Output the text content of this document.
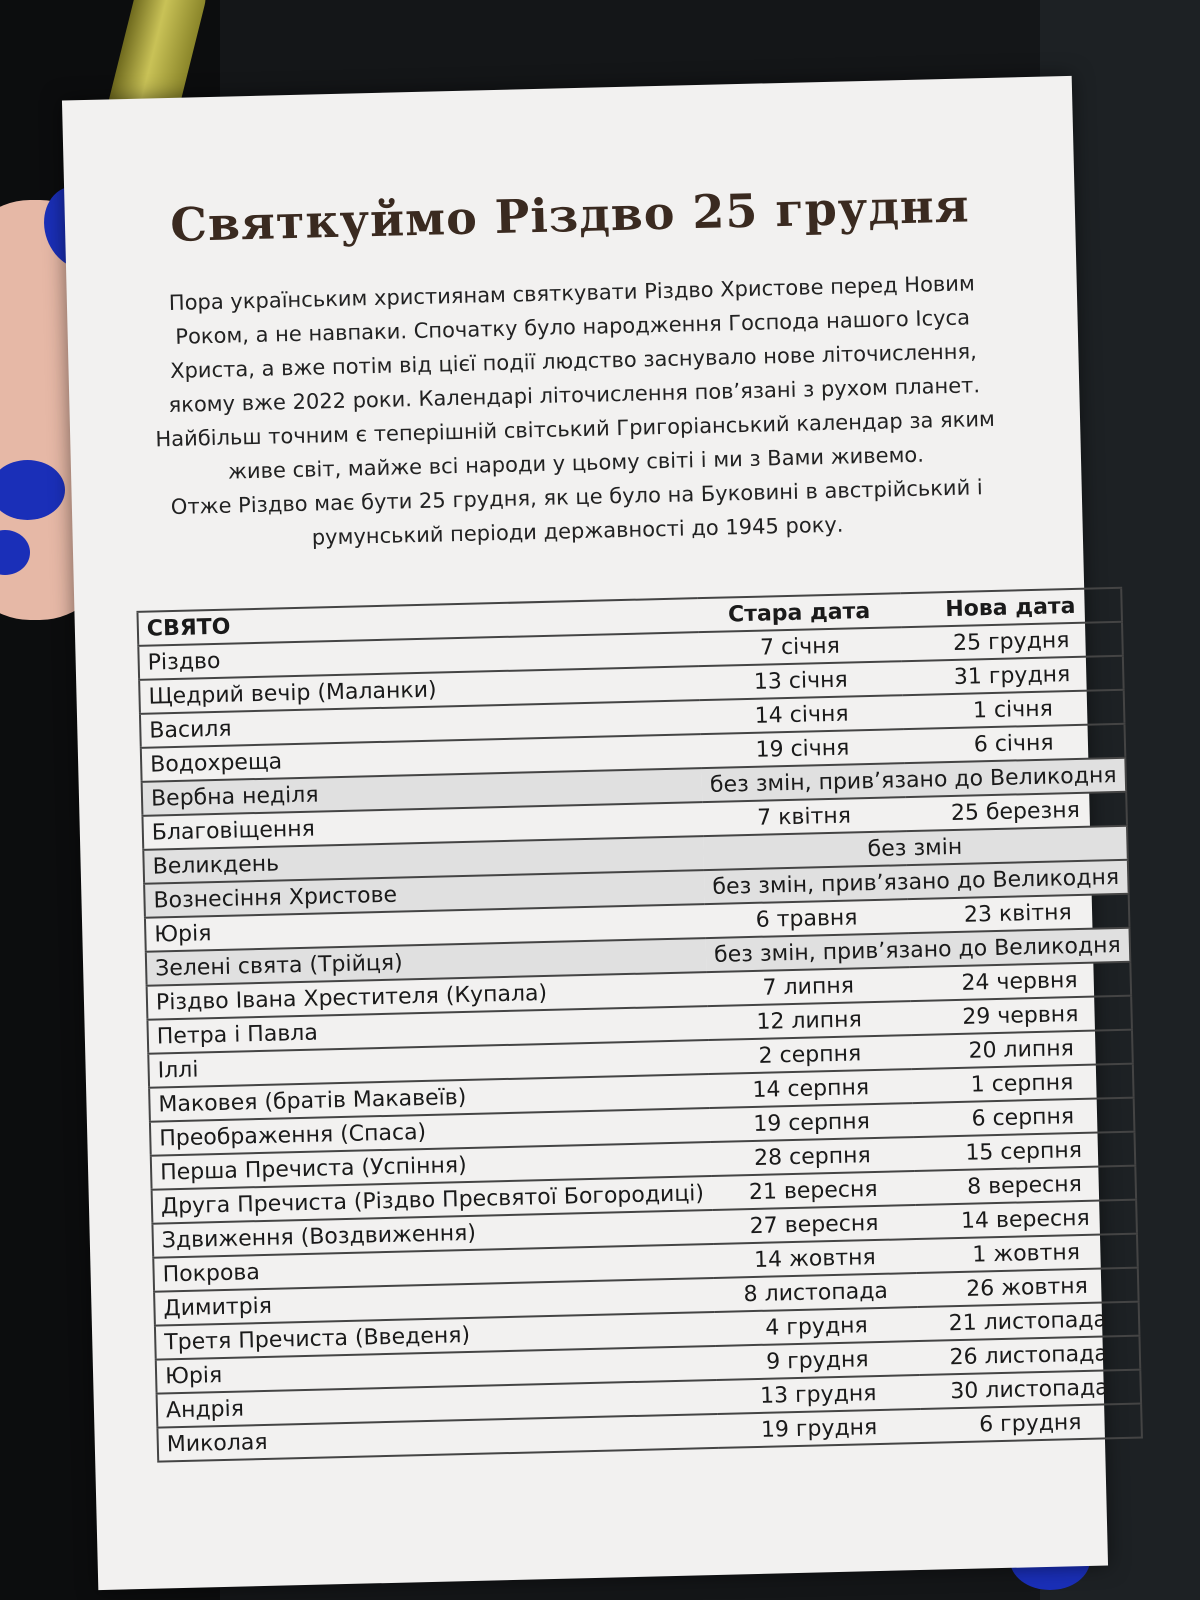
Святкуймо Різдво 25 грудня

Пора українським християнам святкувати Різдво Христове перед Новим Роком, а не навпаки. Спочатку було народження Господа нашого Ісуса Христа, а вже потім від цієї події людство заснувало нове літочислення, якому вже 2022 роки. Календарі літочислення пов’язані з рухом планет. Найбільш точним є теперішній світський Григоріанський календар за яким живе світ, майже всі народи у цьому світі і ми з Вами живемо.

Отже Різдво має бути 25 грудня, як це було на Буковині в австрійський і румунський періоди державності до 1945 року.

СВЯТО	Стара дата	Нова дата
Різдво	7 січня	25 грудня
Щедрий вечір (Маланки)	13 січня	31 грудня
Василя	14 січня	1 січня
Водохреща	19 січня	6 січня
Вербна неділя	без змін, прив’язано до Великодня	
Благовіщення	7 квітня	25 березня
Великдень	без змін	
Вознесіння Христове	без змін, прив’язано до Великодня	
Юрія	6 травня	23 квітня
Зелені свята (Трійця)	без змін, прив’язано до Великодня	
Різдво Івана Хрестителя (Купала)	7 липня	24 червня
Петра і Павла	12 липня	29 червня
Іллі	2 серпня	20 липня
Маковея (братів Макавеїв)	14 серпня	1 серпня
Преображення (Спаса)	19 серпня	6 серпня
Перша Пречиста (Успіння)	28 серпня	15 серпня
Друга Пречиста (Різдво Пресвятої Богородиці)	21 вересня	8 вересня
Здвиження (Воздвиження)	27 вересня	14 вересня
Покрова	14 жовтня	1 жовтня
Димитрія	8 листопада	26 жовтня
Третя Пречиста (Введеня)	4 грудня	21 листопада
Юрія	9 грудня	26 листопада
Андрія	13 грудня	30 листопада
Миколая	19 грудня	6 грудня
